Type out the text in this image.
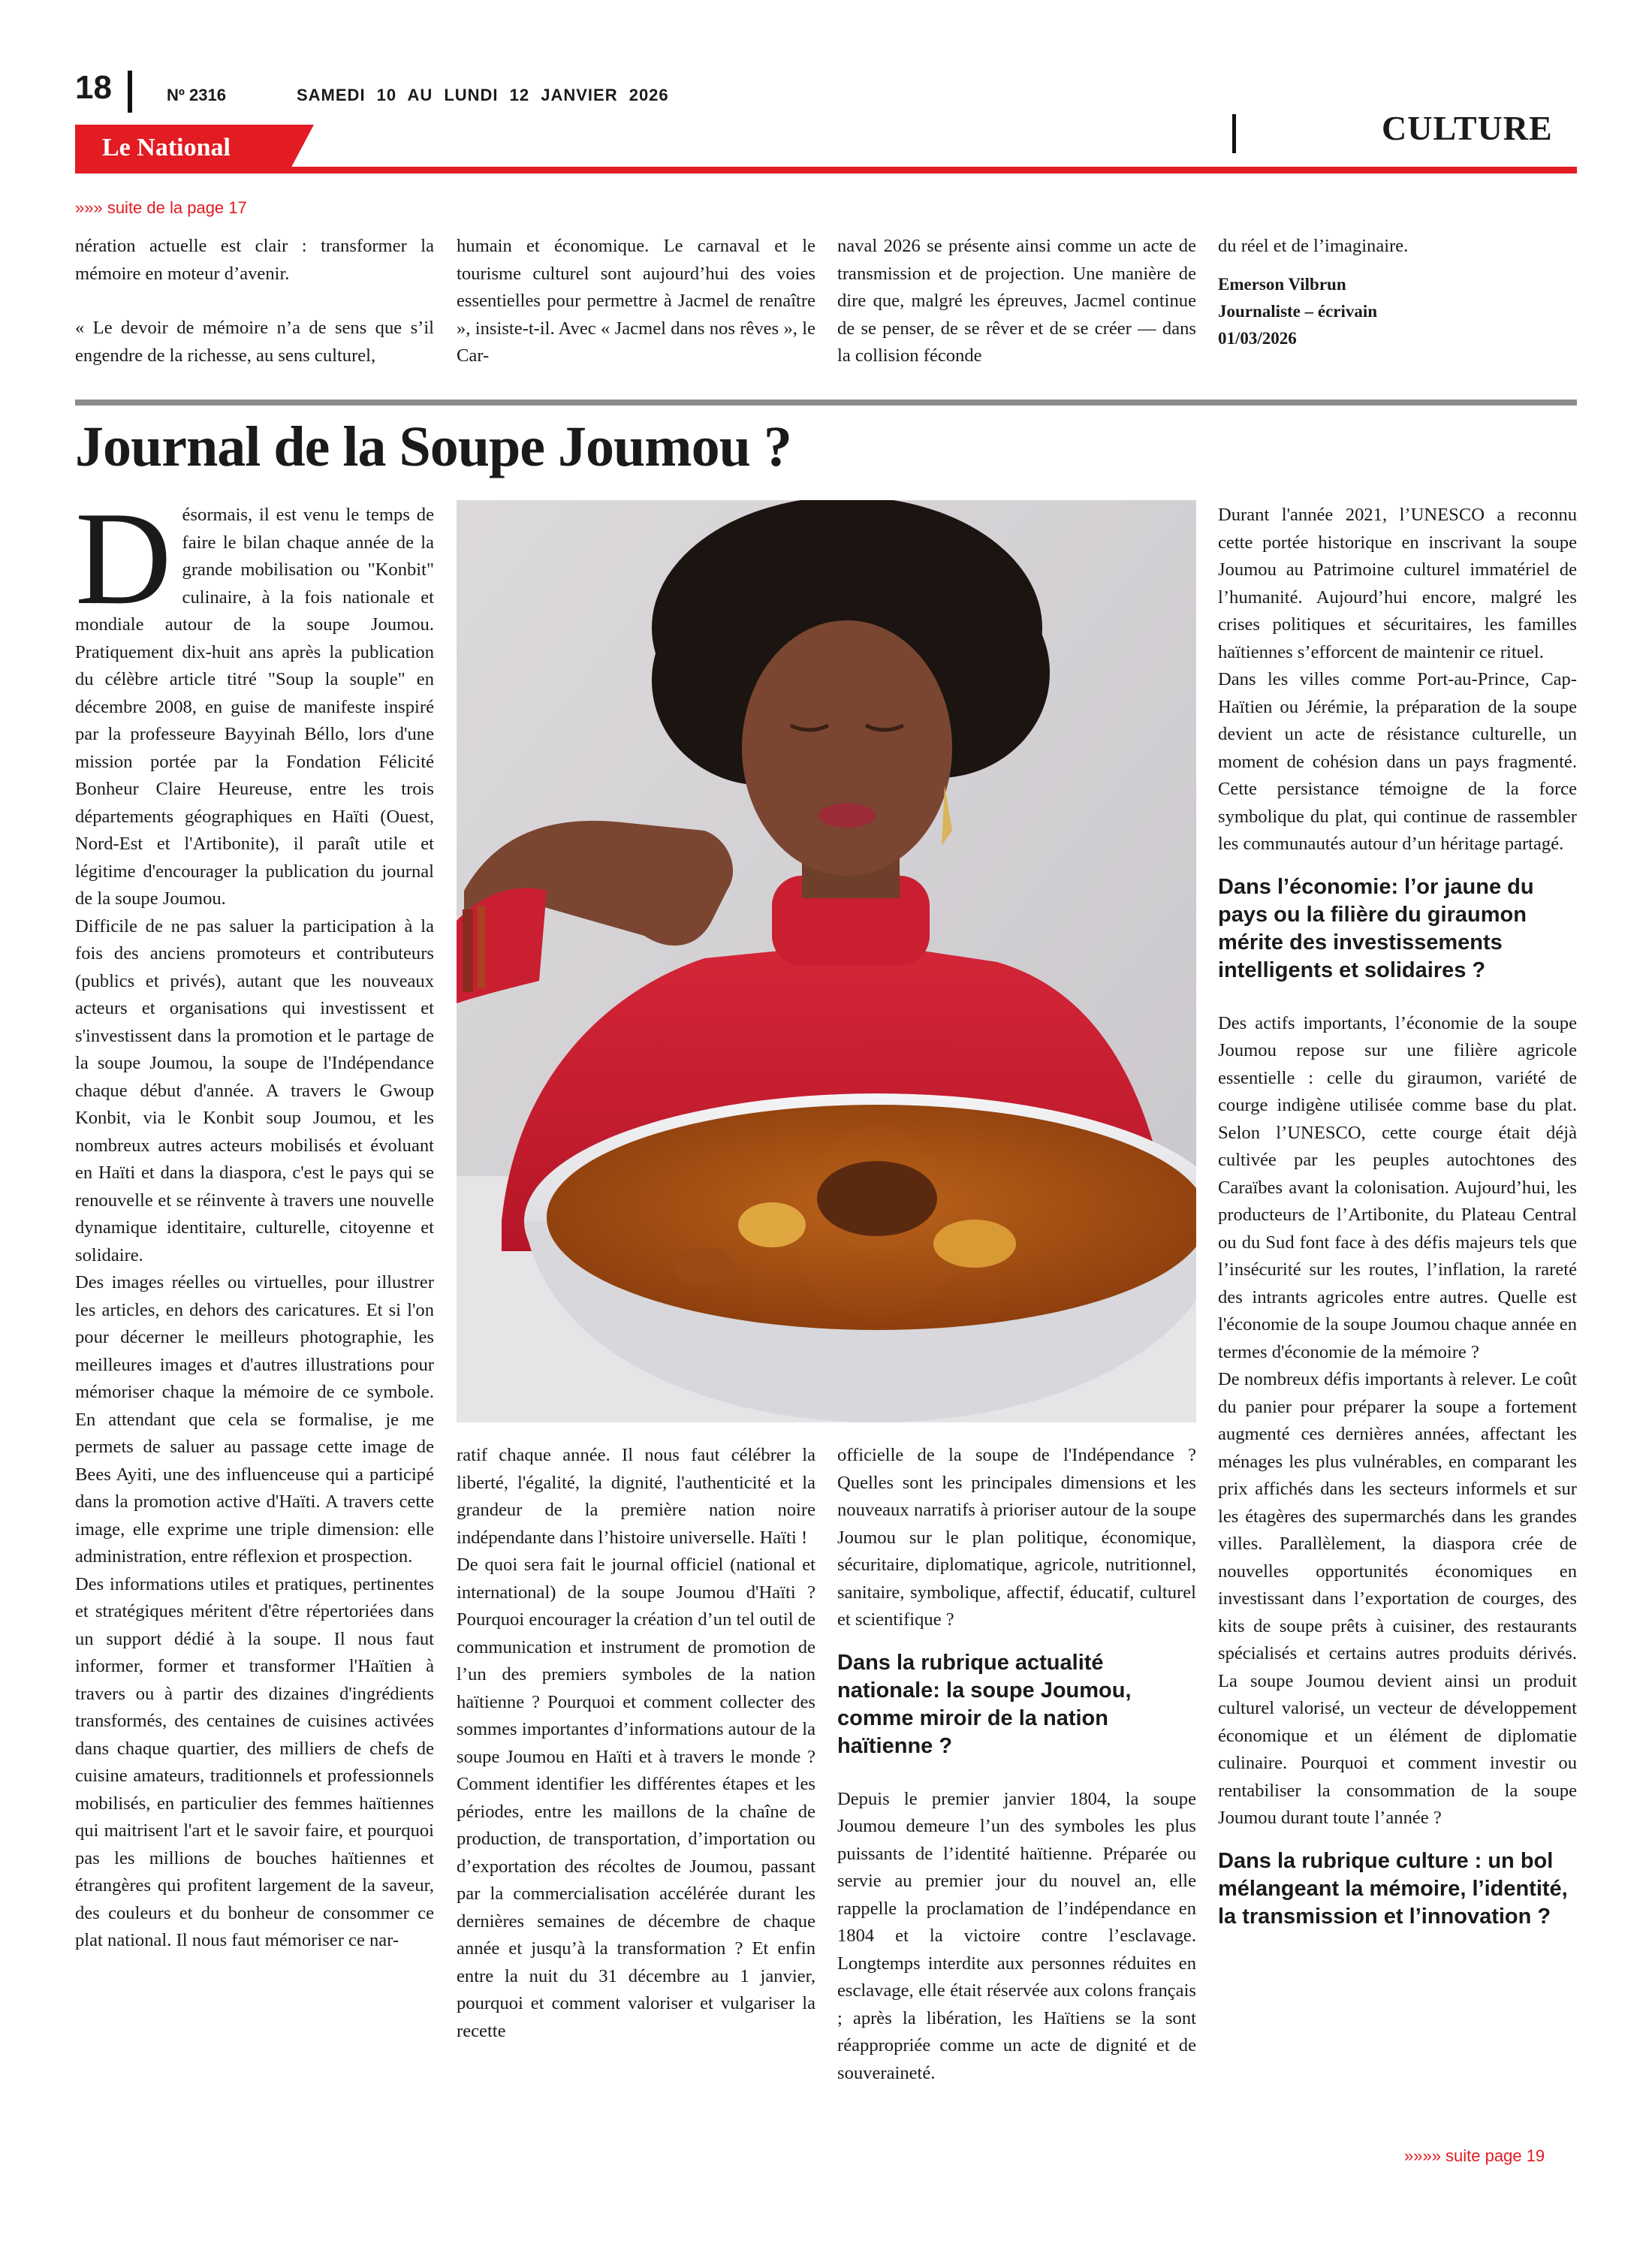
18	Nº 2316	SAMEDI 10 AU LUNDI 12 JANVIER 2026
Le National
CULTURE
»»» suite de la page 17

nération actuelle est clair : transformer la mémoire en moteur d’avenir.

« Le devoir de mémoire n’a de sens que s’il engendre de la richesse, au sens culturel,

humain et économique. Le carnaval et le tourisme culturel sont aujourd’hui des voies essentielles pour permettre à Jacmel de renaître », insiste-t-il. Avec « Jacmel dans nos rêves », le Car-

naval 2026 se présente ainsi comme un acte de transmission et de projection. Une manière de dire que, malgré les épreuves, Jacmel continue de se penser, de se rêver et de se créer — dans la collision féconde

du réel et de l’imaginaire.

Emerson Vilbrun
Journaliste – écrivain
01/03/2026
Journal de la Soupe Joumou ?

Désormais, il est venu le temps de faire le bilan chaque année de la grande mobilisation ou "Konbit" culinaire, à la fois nationale et mondiale autour de la soupe Joumou. Pratiquement dix-huit ans après la publication du célèbre article titré "Soup la souple" en décembre 2008, en guise de manifeste inspiré par la professeure Bayyinah Béllo, lors d'une mission portée par la Fondation Félicité Bonheur Claire Heureuse, entre les trois départements géographiques en Haïti (Ouest, Nord-Est et l'Artibonite), il paraît utile et légitime d'encourager la publication du journal de la soupe Joumou.

Difficile de ne pas saluer la participation à la fois des anciens promoteurs et contributeurs (publics et privés), autant que les nouveaux acteurs et organisations qui investissent et s'investissent dans la promotion et le partage de la soupe Joumou, la soupe de l'Indépendance chaque début d'année. A travers le Gwoup Konbit, via le Konbit soup Joumou, et les nombreux autres acteurs mobilisés et évoluant en Haïti et dans la diaspora, c'est le pays qui se renouvelle et se réinvente à travers une nouvelle dynamique identitaire, culturelle, citoyenne et solidaire.

Des images réelles ou virtuelles, pour illustrer les articles, en dehors des caricatures. Et si l'on pour décerner le meilleurs photographie, les meilleures images et d'autres illustrations pour mémoriser chaque la mémoire de ce symbole. En attendant que cela se formalise, je me permets de saluer au passage cette image de Bees Ayiti, une des influenceuse qui a participé dans la promotion active d'Haïti. A travers cette image, elle exprime une triple dimension: elle administration, entre réflexion et prospection.

Des informations utiles et pratiques, pertinentes et stratégiques méritent d'être répertoriées dans un support dédié à la soupe. Il nous faut informer, former et transformer l'Haïtien à travers ou à partir des dizaines d'ingrédients transformés, des centaines de cuisines activées dans chaque quartier, des milliers de chefs de cuisine amateurs, traditionnels et professionnels mobilisés, en particulier des femmes haïtiennes qui maitrisent l'art et le savoir faire, et pourquoi pas les millions de bouches haïtiennes et étrangères qui profitent largement de la saveur, des couleurs et du bonheur de consommer ce plat national. Il nous faut mémoriser ce nar-

ratif chaque année. Il nous faut célébrer la liberté, l'égalité, la dignité, l'authenticité et la grandeur de la première nation noire indépendante dans l’histoire universelle. Haïti !

De quoi sera fait le journal officiel (national et international) de la soupe Joumou d'Haïti ? Pourquoi encourager la création d’un tel outil de communication et instrument de promotion de l’un des premiers symboles de la nation haïtienne ? Pourquoi et comment collecter des sommes importantes d’informations autour de la soupe Joumou en Haïti et à travers le monde ? Comment identifier les différentes étapes et les périodes, entre les maillons de la chaîne de production, de transportation, d’importation ou d’exportation des récoltes de Joumou, passant par la commercialisation accélérée durant les dernières semaines de décembre de chaque année et jusqu’à la transformation ? Et enfin entre la nuit du 31 décembre au 1 janvier, pourquoi et comment valoriser et vulgariser la recette

officielle de la soupe de l'Indépendance ? Quelles sont les principales dimensions et les nouveaux narratifs à prioriser autour de la soupe Joumou sur le plan politique, économique, sécuritaire, diplomatique, agricole, nutritionnel, sanitaire, symbolique, affectif, éducatif, culturel et scientifique ?

Dans la rubrique actualité nationale: la soupe Joumou, comme miroir de la nation haïtienne ?

Depuis le premier janvier 1804, la soupe Joumou demeure l’un des symboles les plus puissants de l’identité haïtienne. Préparée ou servie au premier jour du nouvel an, elle rappelle la proclamation de l’indépendance en 1804 et la victoire contre l’esclavage. Longtemps interdite aux personnes réduites en esclavage, elle était réservée aux colons français ; après la libération, les Haïtiens se la sont réappropriée comme un acte de dignité et de souveraineté.

Durant l'année 2021, l’UNESCO a reconnu cette portée historique en inscrivant la soupe Joumou au Patrimoine culturel immatériel de l’humanité. Aujourd’hui encore, malgré les crises politiques et sécuritaires, les familles haïtiennes s’efforcent de maintenir ce rituel.

Dans les villes comme Port-au-Prince, Cap-Haïtien ou Jérémie, la préparation de la soupe devient un acte de résistance culturelle, un moment de cohésion dans un pays fragmenté. Cette persistance témoigne de la force symbolique du plat, qui continue de rassembler les communautés autour d’un héritage partagé.

Dans l’économie: l’or jaune du pays ou la filière du giraumon mérite des investissements intelligents et solidaires ?

Des actifs importants, l’économie de la soupe Joumou repose sur une filière agricole essentielle : celle du giraumon, variété de courge indigène utilisée comme base du plat. Selon l’UNESCO, cette courge était déjà cultivée par les peuples autochtones des Caraïbes avant la colonisation. Aujourd’hui, les producteurs de l’Artibonite, du Plateau Central ou du Sud font face à des défis majeurs tels que l’insécurité sur les routes, l’inflation, la rareté des intrants agricoles entre autres. Quelle est l'économie de la soupe Joumou chaque année en termes d'économie de la mémoire ?

De nombreux défis importants à relever. Le coût du panier pour préparer la soupe a fortement augmenté ces dernières années, affectant les ménages les plus vulnérables, en comparant les prix affichés dans les secteurs informels et sur les étagères des supermarchés dans les grandes villes. Parallèlement, la diaspora crée de nouvelles opportunités économiques en investissant dans l’exportation de courges, des kits de soupe prêts à cuisiner, des restaurants spécialisés et certains autres produits dérivés. La soupe Joumou devient ainsi un produit culturel valorisé, un vecteur de développement économique et un élément de diplomatie culinaire. Pourquoi et comment investir ou rentabiliser la consommation de la soupe Joumou durant toute l’année ?

Dans la rubrique culture : un bol mélangeant la mémoire, l’identité, la transmission et l’innovation ?
»»»» suite page 19
